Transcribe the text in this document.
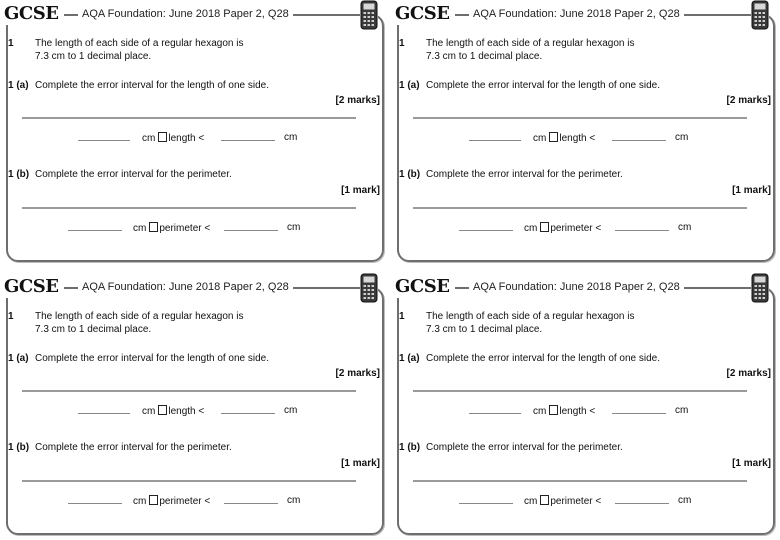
GCSE	AQA Foundation: June 2018 Paper 2, Q28
1 The length of each side of a regular hexagon is
7.3 cm to 1 decimal place.
1 (a) Complete the error interval for the length of one side.
[2 marks]
cm length <	cm
1 (b) Complete the error interval for the perimeter.
[1 mark]
cm perimeter <	cm
GCSE	AQA Foundation: June 2018 Paper 2, Q28
1 The length of each side of a regular hexagon is
7.3 cm to 1 decimal place.
1 (a) Complete the error interval for the length of one side.
[2 marks]
cm length <	cm
1 (b) Complete the error interval for the perimeter.
[1 mark]
cm perimeter <	cm
GCSE	AQA Foundation: June 2018 Paper 2, Q28
1 The length of each side of a regular hexagon is
7.3 cm to 1 decimal place.
1 (a) Complete the error interval for the length of one side.
[2 marks]
cm length <	cm
1 (b) Complete the error interval for the perimeter.
[1 mark]
cm perimeter <	cm
GCSE	AQA Foundation: June 2018 Paper 2, Q28
1 The length of each side of a regular hexagon is
7.3 cm to 1 decimal place.
1 (a) Complete the error interval for the length of one side.
[2 marks]
cm length <	cm
1 (b) Complete the error interval for the perimeter.
[1 mark]
cm perimeter <	cm
